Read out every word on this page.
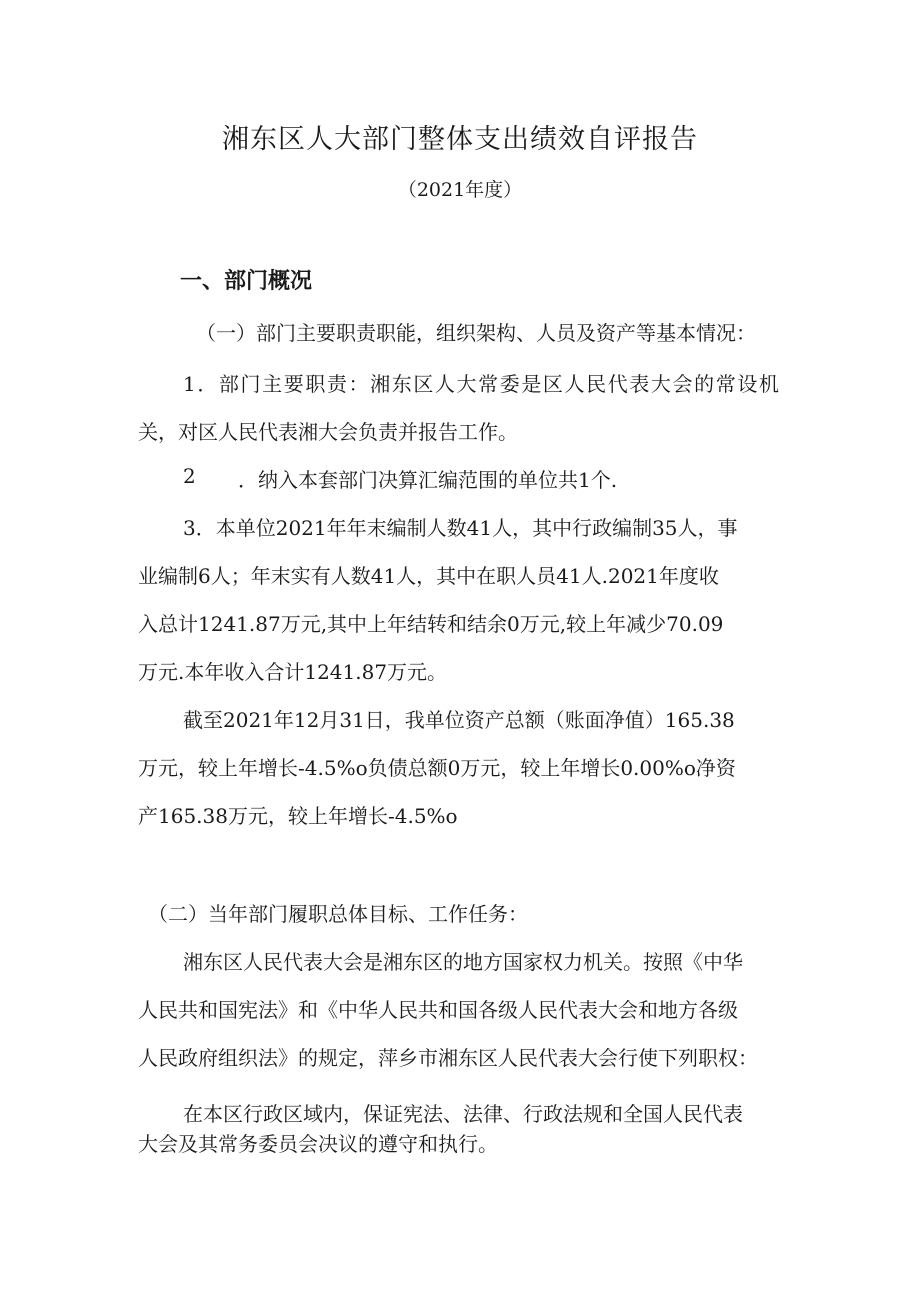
湘东区人大部门整体支出绩效自评报告
（2021年度）
一、部门概况
（一）部门主要职责职能，组织架构、人员及资产等基本情况：
1．部门主要职责：湘东区人大常委是区人民代表大会的常设机
关，对区人民代表湘大会负责并报告工作。
2 ．纳入本套部门决算汇编范围的单位共1个.
3．本单位2021年年末编制人数41人，其中行政编制35人，事
业编制6人；年末实有人数41人，其中在职人员41人.2021年度收
入总计1241.87万元,其中上年结转和结余0万元,较上年减少70.09
万元.本年收入合计1241.87万元。
截至2021年12月31日，我单位资产总额（账面净值）165.38
万元，较上年增长-4.5%o负债总额0万元，较上年增长0.00%o净资
产165.38万元，较上年增长-4.5%o
（二）当年部门履职总体目标、工作任务：
湘东区人民代表大会是湘东区的地方国家权力机关。按照《中华
人民共和国宪法》和《中华人民共和国各级人民代表大会和地方各级
人民政府组织法》的规定，萍乡市湘东区人民代表大会行使下列职权：
在本区行政区域内，保证宪法、法律、行政法规和全国人民代表
大会及其常务委员会决议的遵守和执行。
